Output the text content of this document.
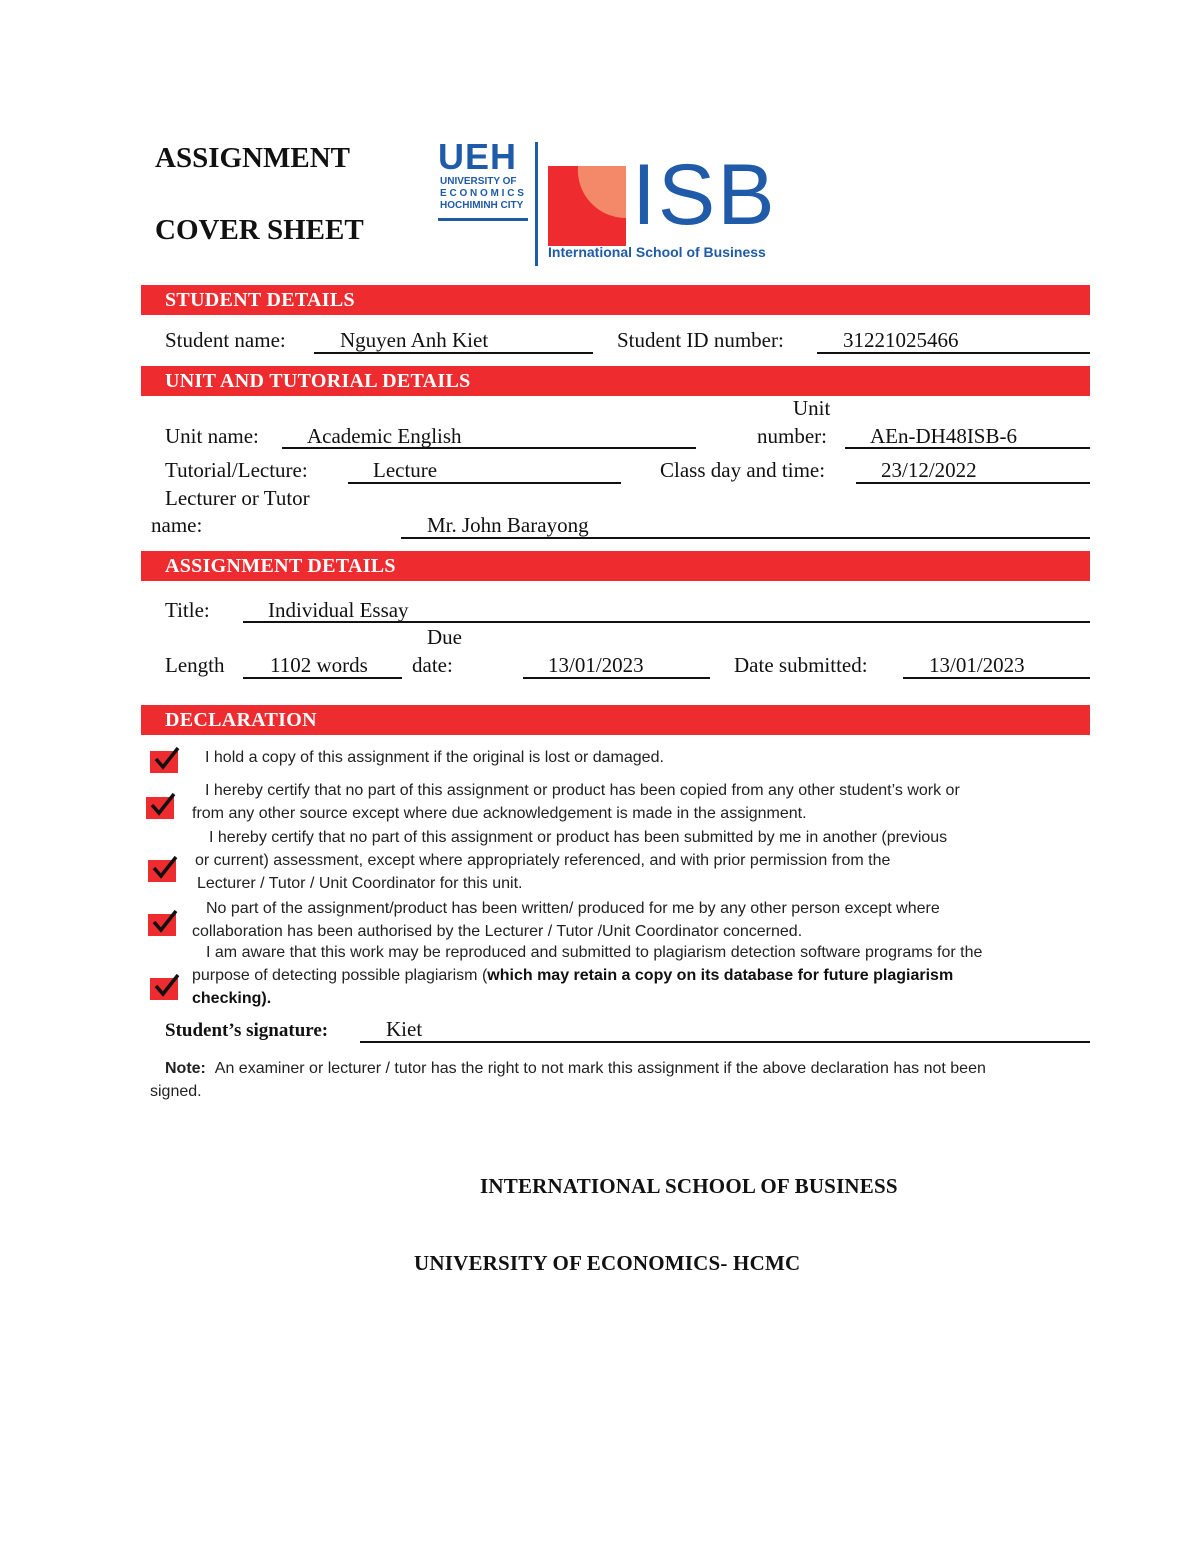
ASSIGNMENT
COVER SHEET
UEH
UNIVERSITY OF
E C O N O M I C S
HOCHIMINH CITY ISB
International School of Business
STUDENT DETAILS
Student name:	Nguyen Anh Kiet	Student ID number:	31221025466
UNIT AND TUTORIAL DETAILS
Unit name: Academic English
Unit
number: AEn-DH48ISB-6
Tutorial/Lecture:	Lecture	Class day and time:	23/12/2022
Lecturer or Tutor
name:	Mr. John Barayong
ASSIGNMENT DETAILS
Title:	Individual Essay
Length 1102 words
Due
date:	13/01/2023	Date submitted:	13/01/2023
DECLARATION
I hold a copy of this assignment if the original is lost or damaged.
I hereby certify that no part of this assignment or product has been copied from any other student’s work or
from any other source except where due acknowledgement is made in the assignment.
I hereby certify that no part of this assignment or product has been submitted by me in another (previous
or current) assessment, except where appropriately referenced, and with prior permission from the
Lecturer / Tutor / Unit Coordinator for this unit.
No part of the assignment/product has been written/ produced for me by any other person except where
collaboration has been authorised by the Lecturer / Tutor /Unit Coordinator concerned.
I am aware that this work may be reproduced and submitted to plagiarism detection software programs for the
purpose of detecting possible plagiarism (which may retain a copy on its database for future plagiarism
checking).
Student’s signature:	Kiet
Note: An examiner or lecturer / tutor has the right to not mark this assignment if the above declaration has not been
signed.
INTERNATIONAL SCHOOL OF BUSINESS
UNIVERSITY OF ECONOMICS- HCMC
